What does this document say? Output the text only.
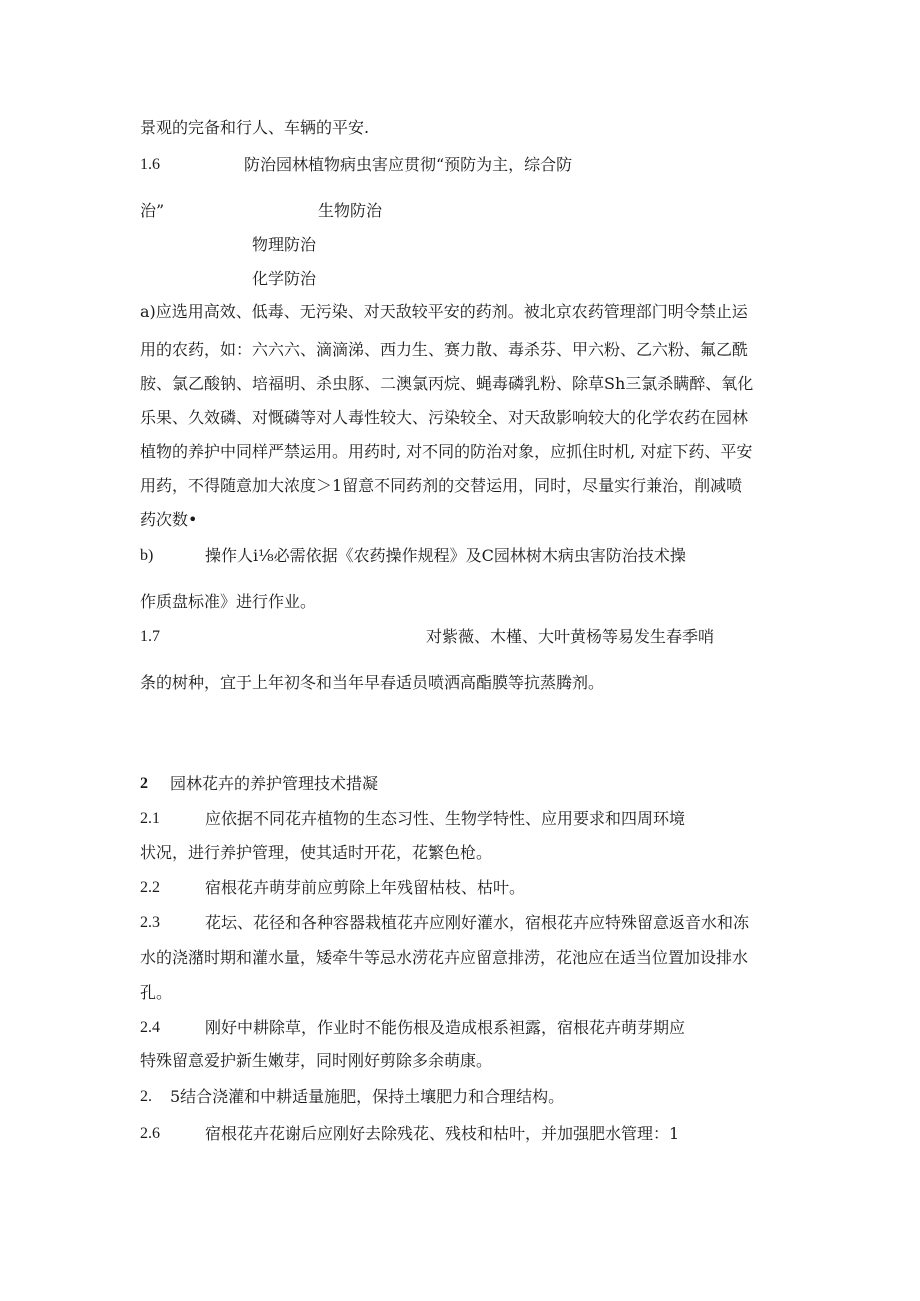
景观的完备和行人、车辆的平安.
1.6	防治园林植物病虫害应贯彻“预防为主，综合防
治”	生物防治
物理防治
化学防治
a)应选用高效、低毒、无污染、对天敌较平安的药剂。被北京农药管理部门明令禁止运
用的农药，如：六六六、滴滴涕、西力生、赛力散、毒杀芬、甲六粉、乙六粉、氟乙酰
胺、氯乙酸钠、培福明、杀虫豚、二澳氯丙烷、蝇毒磷乳粉、除草Sh三氯杀瞒醉、氧化
乐果、久效磷、对慨磷等对人毒性较大、污染较全、对天敌影响较大的化学农药在园林
植物的养护中同样严禁运用。用药时, 对不同的防治对象，应抓住时机, 对症下药、平安
用药，不得随意加大浓度＞1留意不同药剂的交替运用，同时，尽量实行兼治，削减喷
药次数•
b)	操作人i⅛必需依据《农药操作规程》及C园林树木病虫害防治技术操
作质盘标准》进行作业。
1.7	对紫薇、木槿、大叶黄杨等易发生春季哨
条的树种，宜于上年初冬和当年早春适员喷洒高酯膜等抗蒸腾剂。
2 园林花卉的养护管理技术措凝
2.1	应依据不同花卉植物的生态习性、生物学特性、应用要求和四周环境
状况，进行养护管理，使其适时开花，花繁色枪。
2.2	宿根花卉萌芽前应剪除上年残留枯枝、枯叶。
2.3	花坛、花径和各种容器栽植花卉应刚好灌水，宿根花卉应特殊留意返音水和冻
水的浇潴时期和灌水量，矮牵牛等忌水涝花卉应留意排涝，花池应在适当位置加设排水
孔。
2.4	刚好中耕除草，作业时不能伤根及造成根系袒露，宿根花卉萌芽期应
特殊留意爱护新生嫩芽，同时刚好剪除多余萌康。
2. 5结合浇灌和中耕适量施肥，保持土壤肥力和合理结构。
2.6	宿根花卉花谢后应刚好去除残花、残枝和枯叶，并加强肥水管理：1
